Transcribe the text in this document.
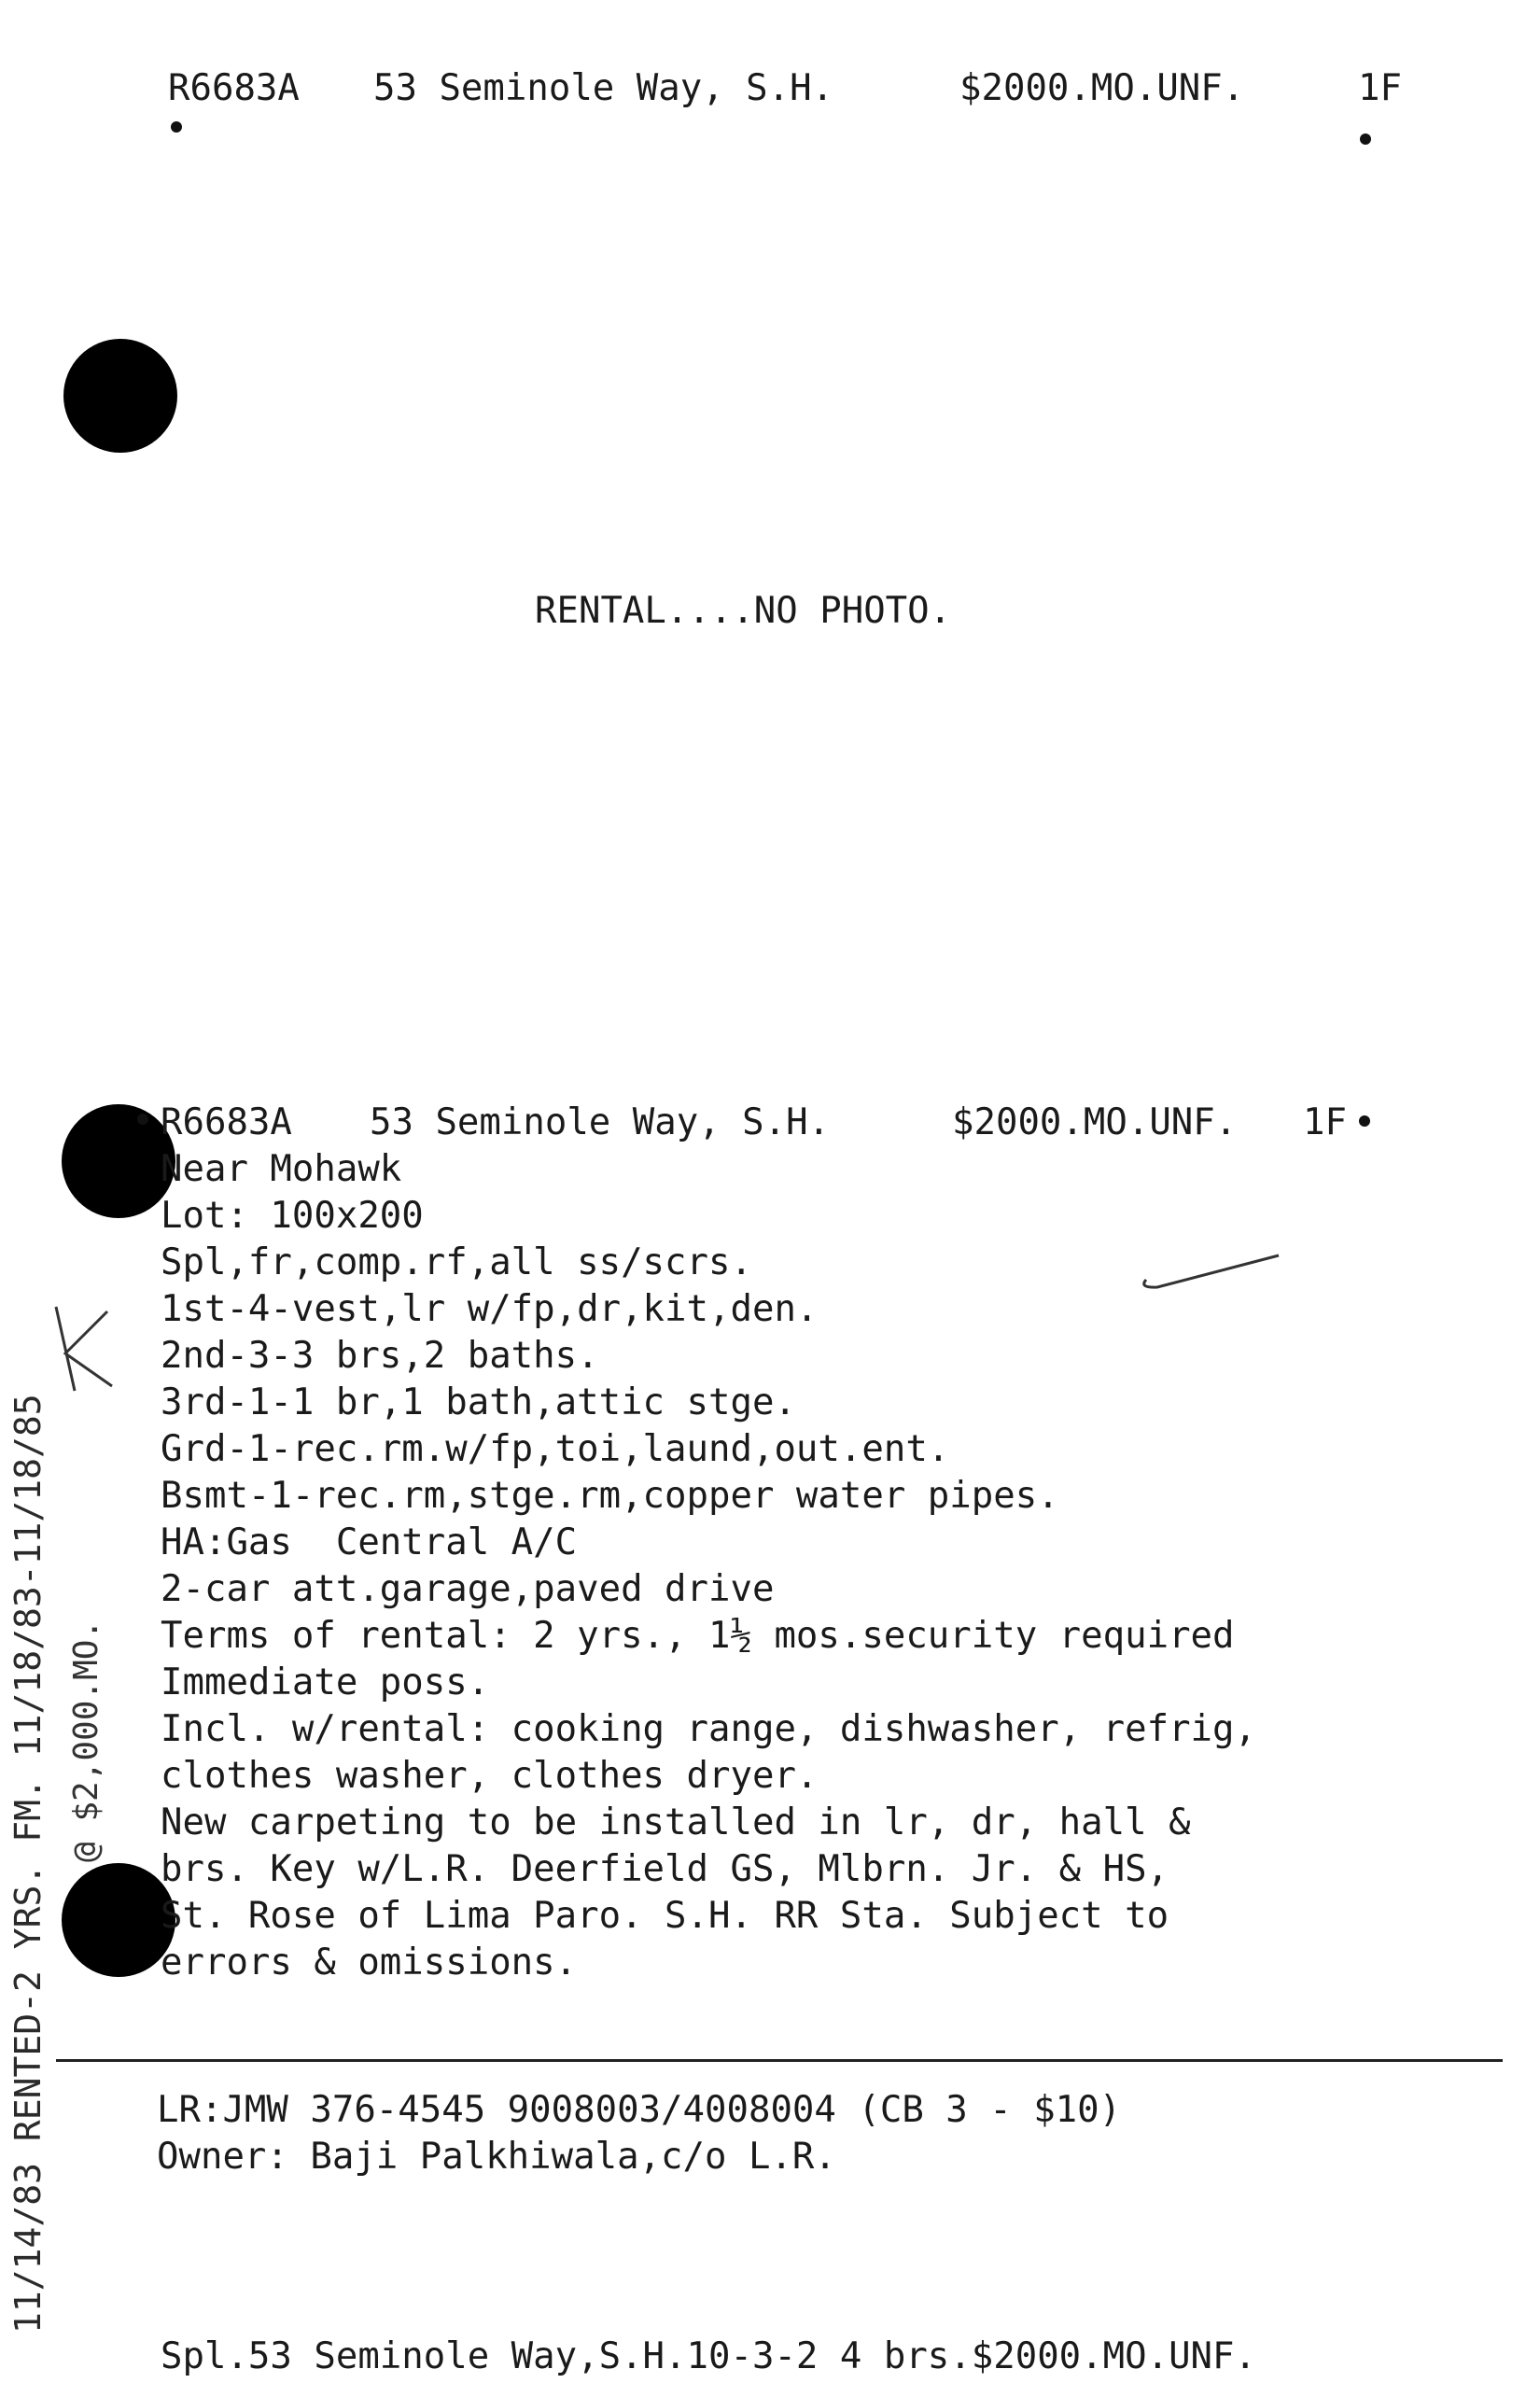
R6683A 53 Seminole Way, S.H.	$2000.MO.UNF.	1F
RENTAL....NO PHOTO.
R6683A 53 Seminole Way, S.H.	$2000.MO.UNF. 1F
Near Mohawk
Lot: 100x200
Spl,fr,comp.rf,all ss/scrs.
1st-4-vest,lr w/fp,dr,kit,den.
2nd-3-3 brs,2 baths.
3rd-1-1 br,1 bath,attic stge.
Grd-1-rec.rm.w/fp,toi,laund,out.ent.
Bsmt-1-rec.rm,stge.rm,copper water pipes.
HA:Gas  Central A/C
2-car att.garage,paved drive
Terms of rental: 2 yrs., 1½ mos.security required
Immediate poss.
Incl. w/rental: cooking range, dishwasher, refrig,
clothes washer, clothes dryer.
New carpeting to be installed in lr, dr, hall &
brs. Key w/L.R. Deerfield GS, Mlbrn. Jr. & HS,
St. Rose of Lima Paro. S.H. RR Sta. Subject to
errors & omissions.
LR:JMW 376-4545 9008003/4008004 (CB 3 - $10)
Owner: Baji Palkhiwala,c/o L.R.
11/14/83 RENTED-2 YRS. FM. 11/18/83-11/18/85 @ $2,000.MO.
Spl.53 Seminole Way,S.H.10-3-2 4 brs.$2000.MO.UNF.
